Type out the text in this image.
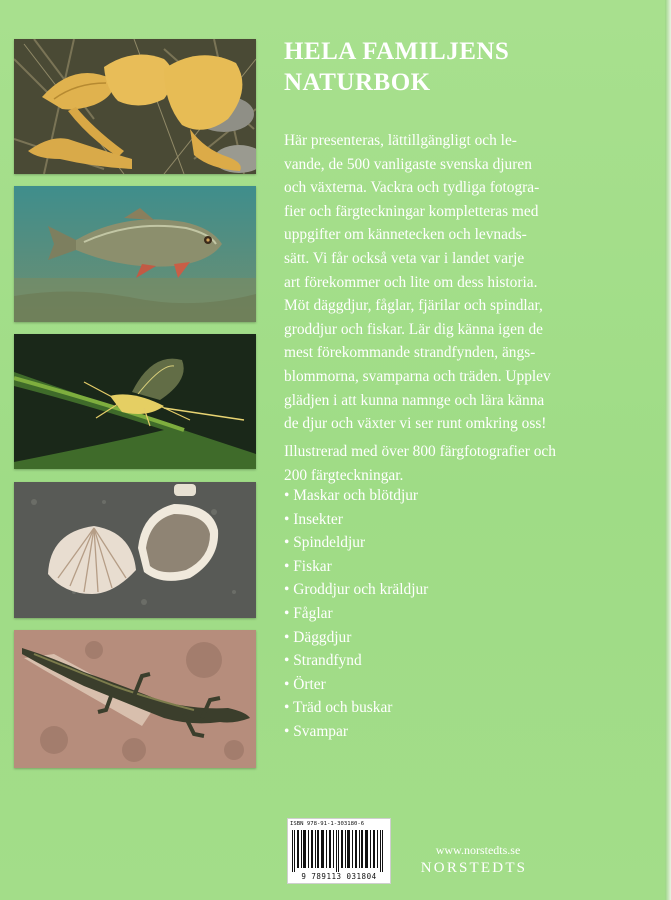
HELA FAMILJENS
NATURBOK

Här presenteras, lättillgängligt och le-
vande, de 500 vanligaste svenska djuren
och växterna. Vackra och tydliga fotogra-
fier och färgteckningar kompletteras med
uppgifter om kännetecken och levnads-
sätt. Vi får också veta var i landet varje
art förekommer och lite om dess historia.
Möt däggdjur, fåglar, fjärilar och spindlar,
groddjur och fiskar. Lär dig känna igen de
mest förekommande strandfynden, ängs-
blommorna, svamparna och träden. Upplev
glädjen i att kunna namnge och lära känna
de djur och växter vi ser runt omkring oss!

Illustrerad med över 800 färgfotografier och
200 färgteckningar.

• Maskar och blötdjur
• Insekter
• Spindeldjur
• Fiskar
• Groddjur och kräldjur
• Fåglar
• Däggdjur
• Strandfynd
• Örter
• Träd och buskar
• Svampar
ISBN 978-91-1-303180-6
9 789113 031804

www.norstedts.se

NORSTEDTS
